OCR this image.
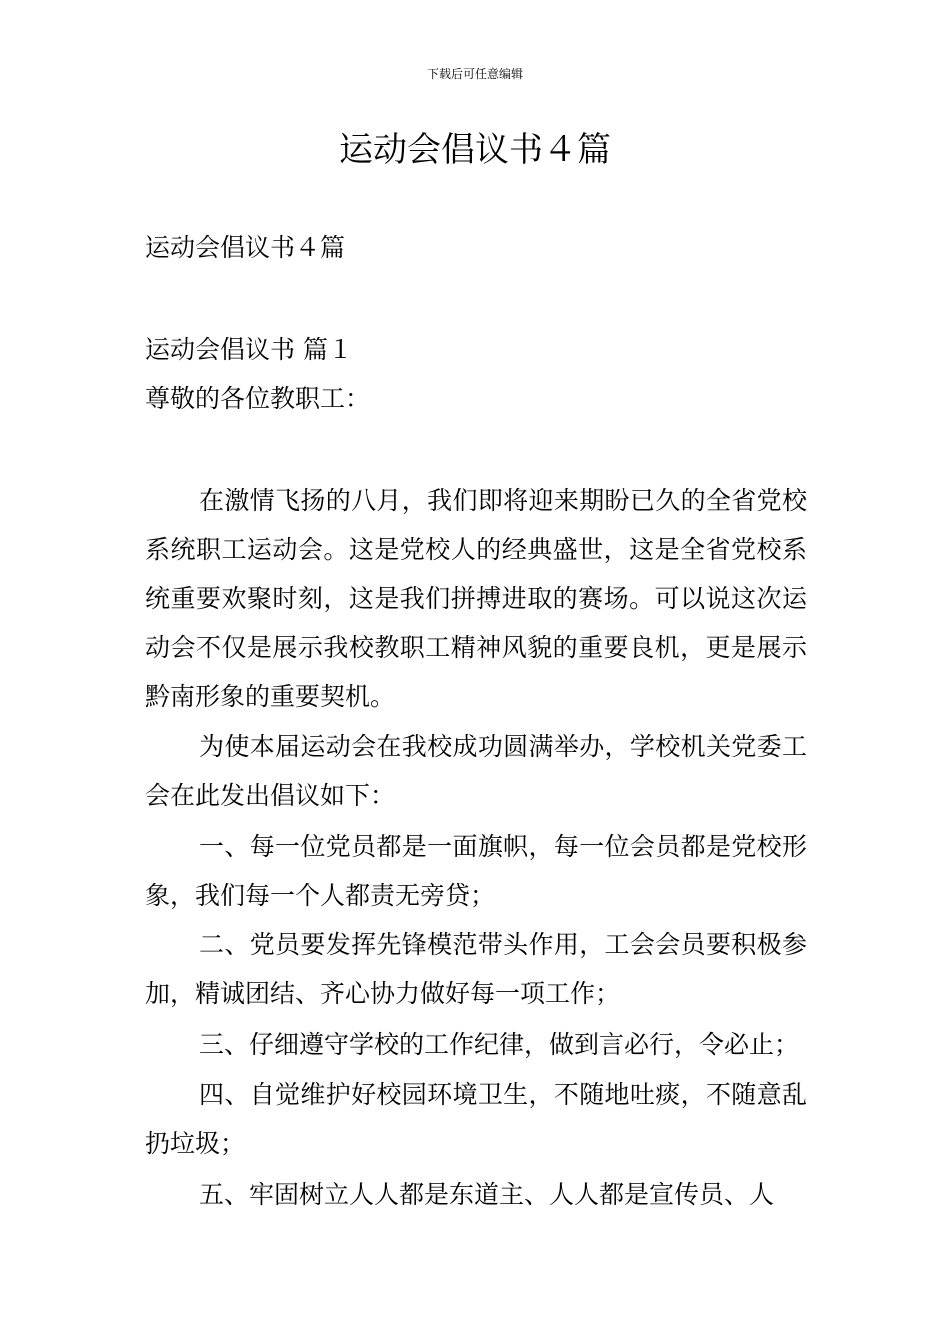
下载后可任意编辑
运动会倡议书４篇
运动会倡议书４篇
运动会倡议书 篇１
尊敬的各位教职工：

在激情飞扬的八月，我们即将迎来期盼已久的全省党校系统职工运动会。这是党校人的经典盛世，这是全省党校系统重要欢聚时刻，这是我们拼搏进取的赛场。可以说这次运动会不仅是展示我校教职工精神风貌的重要良机，更是展示黔南形象的重要契机。

为使本届运动会在我校成功圆满举办，学校机关党委工会在此发出倡议如下：

一、每一位党员都是一面旗帜，每一位会员都是党校形象，我们每一个人都责无旁贷；

二、党员要发挥先锋模范带头作用，工会会员要积极参加，精诚团结、齐心协力做好每一项工作；

三、仔细遵守学校的工作纪律，做到言必行，令必止；

四、自觉维护好校园环境卫生，不随地吐痰，不随意乱扔垃圾；

五、牢固树立人人都是东道主、人人都是宣传员、人
